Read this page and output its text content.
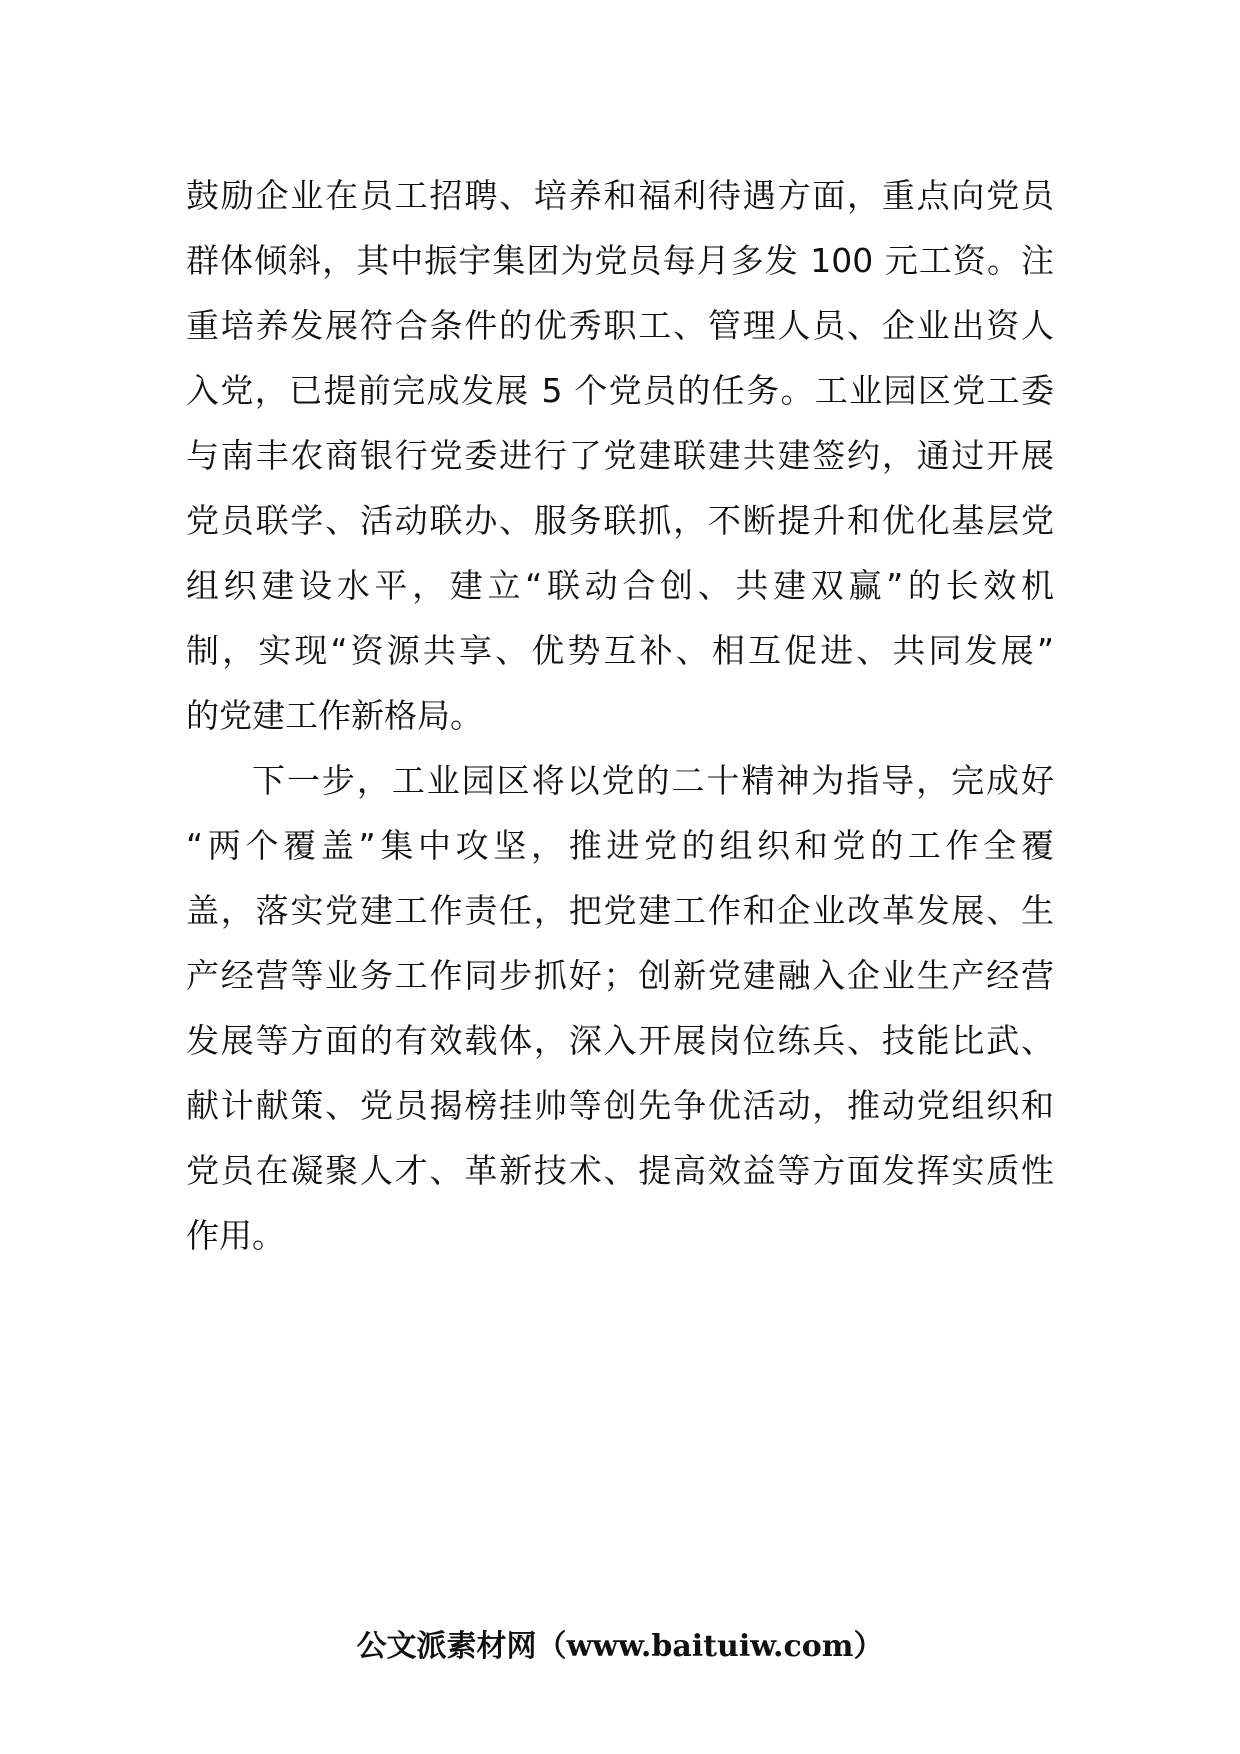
鼓励企业在员工招聘、培养和福利待遇方面，重点向党员
群体倾斜，其中振宇集团为党员每月多发 100 元工资。注
重培养发展符合条件的优秀职工、管理人员、企业出资人
入党，已提前完成发展 5 个党员的任务。工业园区党工委
与南丰农商银行党委进行了党建联建共建签约，通过开展
党员联学、活动联办、服务联抓，不断提升和优化基层党
组织建设水平，建立“联动合创、共建双赢”的长效机
制，实现“资源共享、优势互补、相互促进、共同发展”
的党建工作新格局。
下一步，工业园区将以党的二十精神为指导，完成好
“两个覆盖”集中攻坚，推进党的组织和党的工作全覆
盖，落实党建工作责任，把党建工作和企业改革发展、生
产经营等业务工作同步抓好；创新党建融入企业生产经营
发展等方面的有效载体，深入开展岗位练兵、技能比武、
献计献策、党员揭榜挂帅等创先争优活动，推动党组织和
党员在凝聚人才、革新技术、提高效益等方面发挥实质性
作用。
公文派素材网（www.baituiw.com）
